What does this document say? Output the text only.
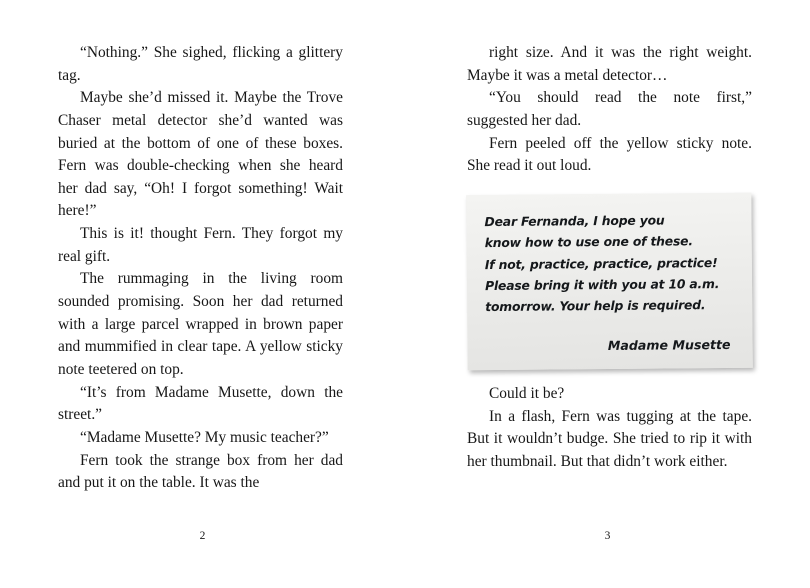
“Nothing.” She sighed, flicking a glittery tag.

Maybe she’d missed it. Maybe the Trove Chaser metal detector she’d wanted was buried at the bottom of one of these boxes. Fern was double-checking when she heard her dad say, “Oh! I forgot something! Wait here!”

This is it! thought Fern. They forgot my real gift.

The rummaging in the living room sounded promising. Soon her dad returned with a large parcel wrapped in brown paper and mummified in clear tape. A yellow sticky note teetered on top.

“It’s from Madame Musette, down the street.”

“Madame Musette? My music teacher?”

Fern took the strange box from her dad and put it on the table. It was the

2

right size. And it was the right weight. Maybe it was a metal detector…

“You should read the note first,” suggested her dad.

Fern peeled off the yellow sticky note. She read it out loud.

Dear Fernanda, I hope you
know how to use one of these.
If not, practice, practice, practice!
Please bring it with you at 10 a.m.
tomorrow. Your help is required.
Madame Musette

Could it be?

In a flash, Fern was tugging at the tape. But it wouldn’t budge. She tried to rip it with her thumbnail. But that didn’t work either.

3
